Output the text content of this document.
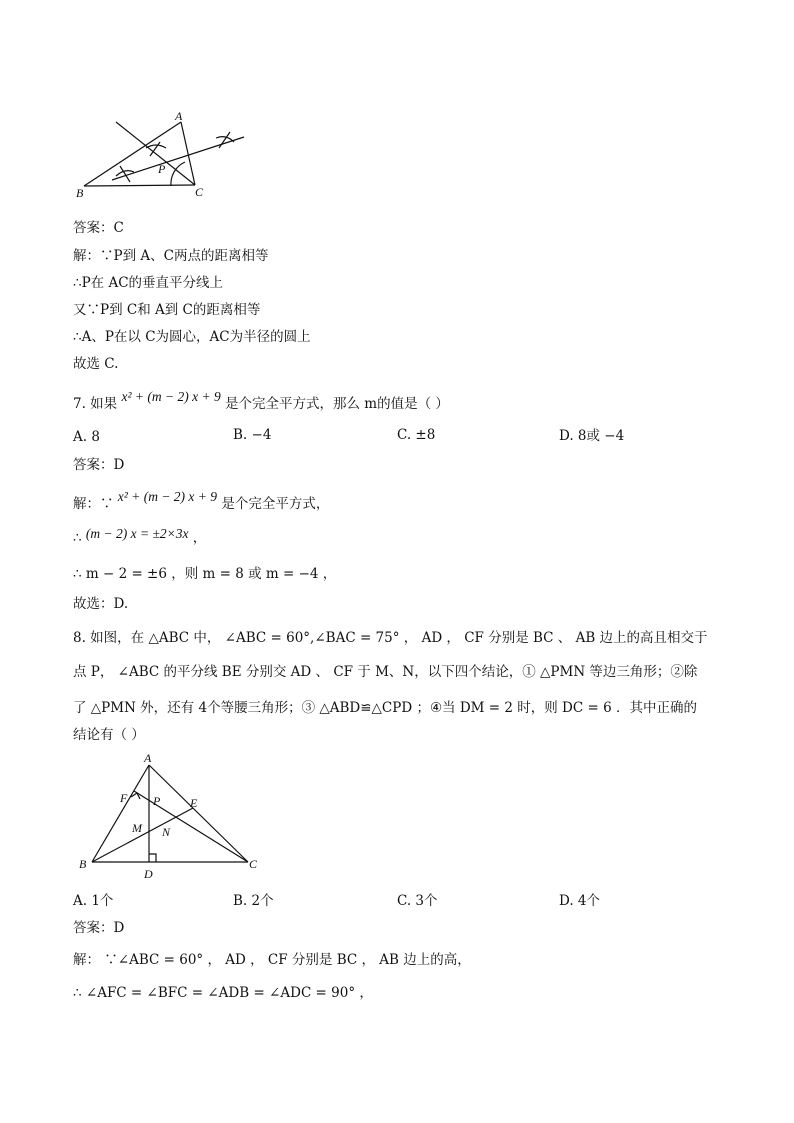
A
B	C
P
答案：C
解：∵P到 A、C两点的距离相等
∴P在 AC的垂直平分线上
又∵P到 C和 A到 C的距离相等
∴A、P在以 C为圆心，AC为半径的圆上
故选 C.
7. 如果 x² + (m − 2) x + 9 是个完全平方式，那么 m的值是（ ）
A. 8	B. −4	C. ±8	D. 8或 −4
答案：D
解：∵ x² + (m − 2) x + 9 是个完全平方式，
∴ (m − 2) x = ±2×3x ，
∴ m − 2 = ±6 ，则 m = 8 或 m = −4 ，
故选：D.
8. 如图，在 △ABC 中， ∠ABC = 60°,∠BAC = 75° ， AD ， CF 分别是 BC 、 AB 边上的高且相交于
点 P， ∠ABC 的平分线 BE 分别交 AD 、 CF 于 M、N，以下四个结论，① △PMN 等边三角形；②除
了 △PMN 外，还有 4个等腰三角形；③ △ABD≌△CPD ；④当 DM = 2 时，则 DC = 6 ．其中正确的
结论有（ ）
A
B	C
D
E
F
M N
P
A. 1个	B. 2个	C. 3个	D. 4个
答案：D
解： ∵∠ABC = 60° ， AD ， CF 分别是 BC ， AB 边上的高，
∴ ∠AFC = ∠BFC = ∠ADB = ∠ADC = 90° ，
